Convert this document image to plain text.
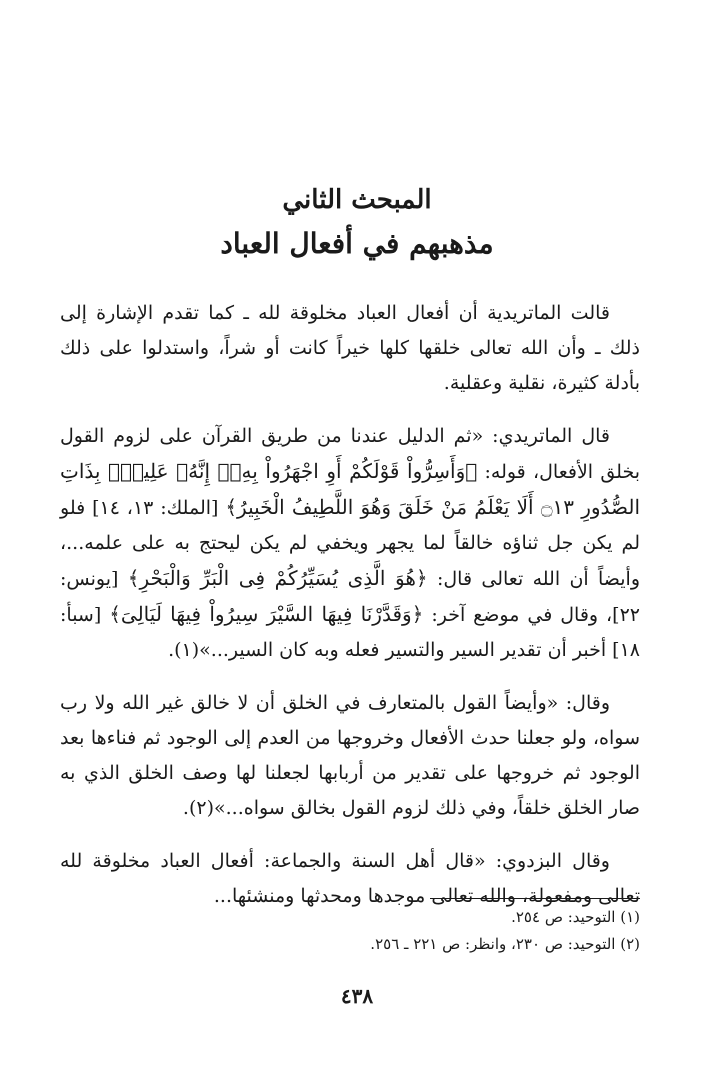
المبحث الثاني
مذهبهم في أفعال العباد

قالت الماتريدية أن أفعال العباد مخلوقة لله ـ كما تقدم الإشارة إلى ذلك ـ وأن الله تعالى خلقها كلها خيراً كانت أو شراً، واستدلوا على ذلك بأدلة كثيرة، نقلية وعقلية.

قال الماتريدي: «ثم الدليل عندنا من طريق القرآن على لزوم القول بخلق الأفعال، قوله: ﴿وَأَسِرُّواْ قَوْلَكُمْ أَوِ اجْهَرُواْ بِهِۦٓ إِنَّهُۥ عَلِيمُۢ بِذَاتِ الصُّدُورِ ۝١٣ أَلَا يَعْلَمُ مَنْ خَلَقَ وَهُوَ اللَّطِيفُ الْخَبِيرُ﴾ [الملك: ١٣، ١٤] فلو لم يكن جل ثناؤه خالقاً لما يجهر ويخفي لم يكن ليحتج به على علمه...، وأيضاً أن الله تعالى قال: ﴿هُوَ الَّذِى يُسَيِّرُكُمْ فِى الْبَرِّ وَالْبَحْرِ﴾ [يونس: ٢٢]، وقال في موضع آخر: ﴿وَقَدَّرْنَا فِيهَا السَّيْرَ سِيرُواْ فِيهَا لَيَالِىَ﴾ [سبأ: ١٨] أخبر أن تقدير السير والتسير فعله وبه كان السير...»(١).

وقال: «وأيضاً القول بالمتعارف في الخلق أن لا خالق غير الله ولا رب سواه، ولو جعلنا حدث الأفعال وخروجها من العدم إلى الوجود ثم فناءها بعد الوجود ثم خروجها على تقدير من أربابها لجعلنا لها وصف الخلق الذي به صار الخلق خلقاً، وفي ذلك لزوم القول بخالق سواه...»(٢).

وقال البزدوي: «قال أهل السنة والجماعة: أفعال العباد مخلوقة لله تعالى ومفعولة، والله تعالى موجدها ومحدثها ومنشئها...

(١) التوحيد: ص ٢٥٤.
(٢) التوحيد: ص ٢٣٠، وانظر: ص ٢٢١ ـ ٢٥٦.
٤٣٨
